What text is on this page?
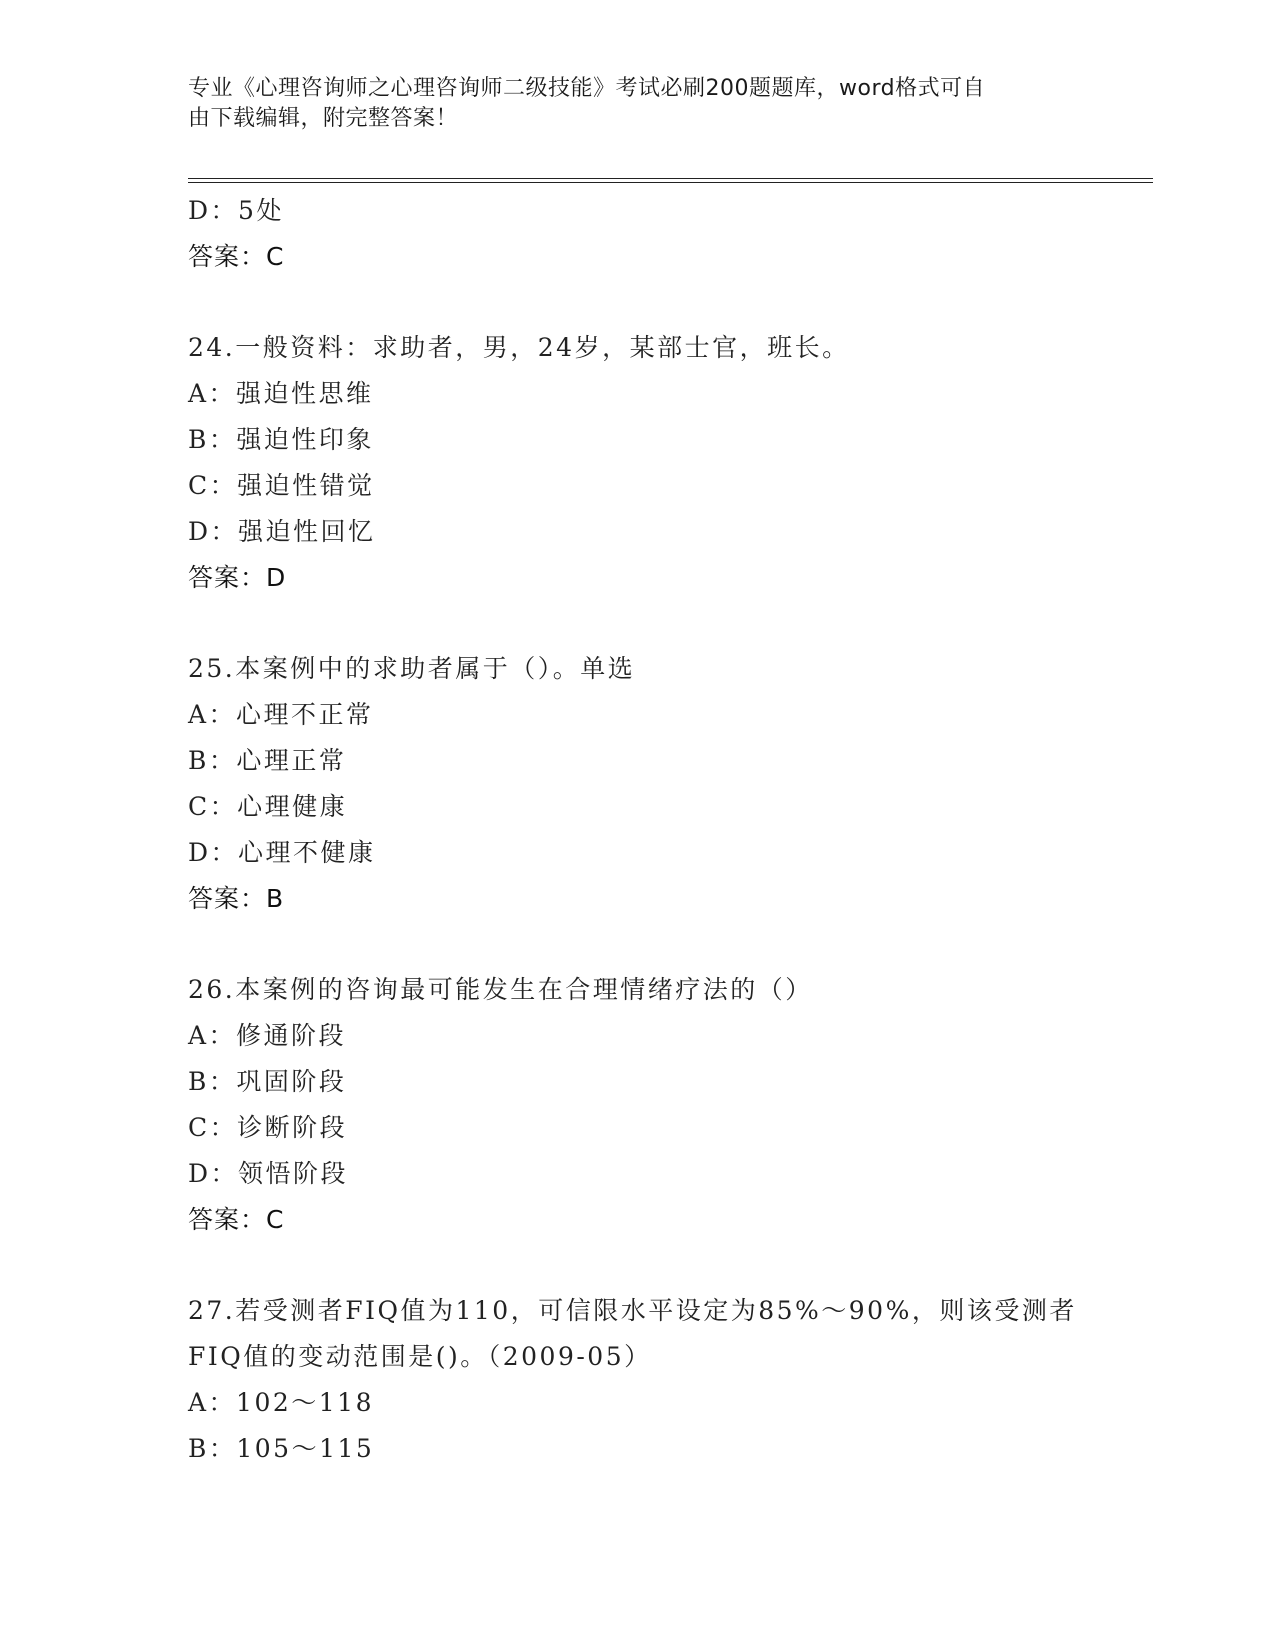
专业《心理咨询师之心理咨询师二级技能》考试必刷200题题库，word格式可自
由下载编辑，附完整答案！
D：5处
答案：C
24.一般资料：求助者，男，24岁，某部士官，班长。
A：强迫性思维
B：强迫性印象
C：强迫性错觉
D：强迫性回忆
答案：D
25.本案例中的求助者属于（）。单选
A：心理不正常
B：心理正常
C：心理健康
D：心理不健康
答案：B
26.本案例的咨询最可能发生在合理情绪疗法的（）
A：修通阶段
B：巩固阶段
C：诊断阶段
D：领悟阶段
答案：C
27.若受测者FIQ值为110，可信限水平设定为85%～90%，则该受测者
FIQ值的变动范围是()。（2009-05）
A：102～118
B：105～115
